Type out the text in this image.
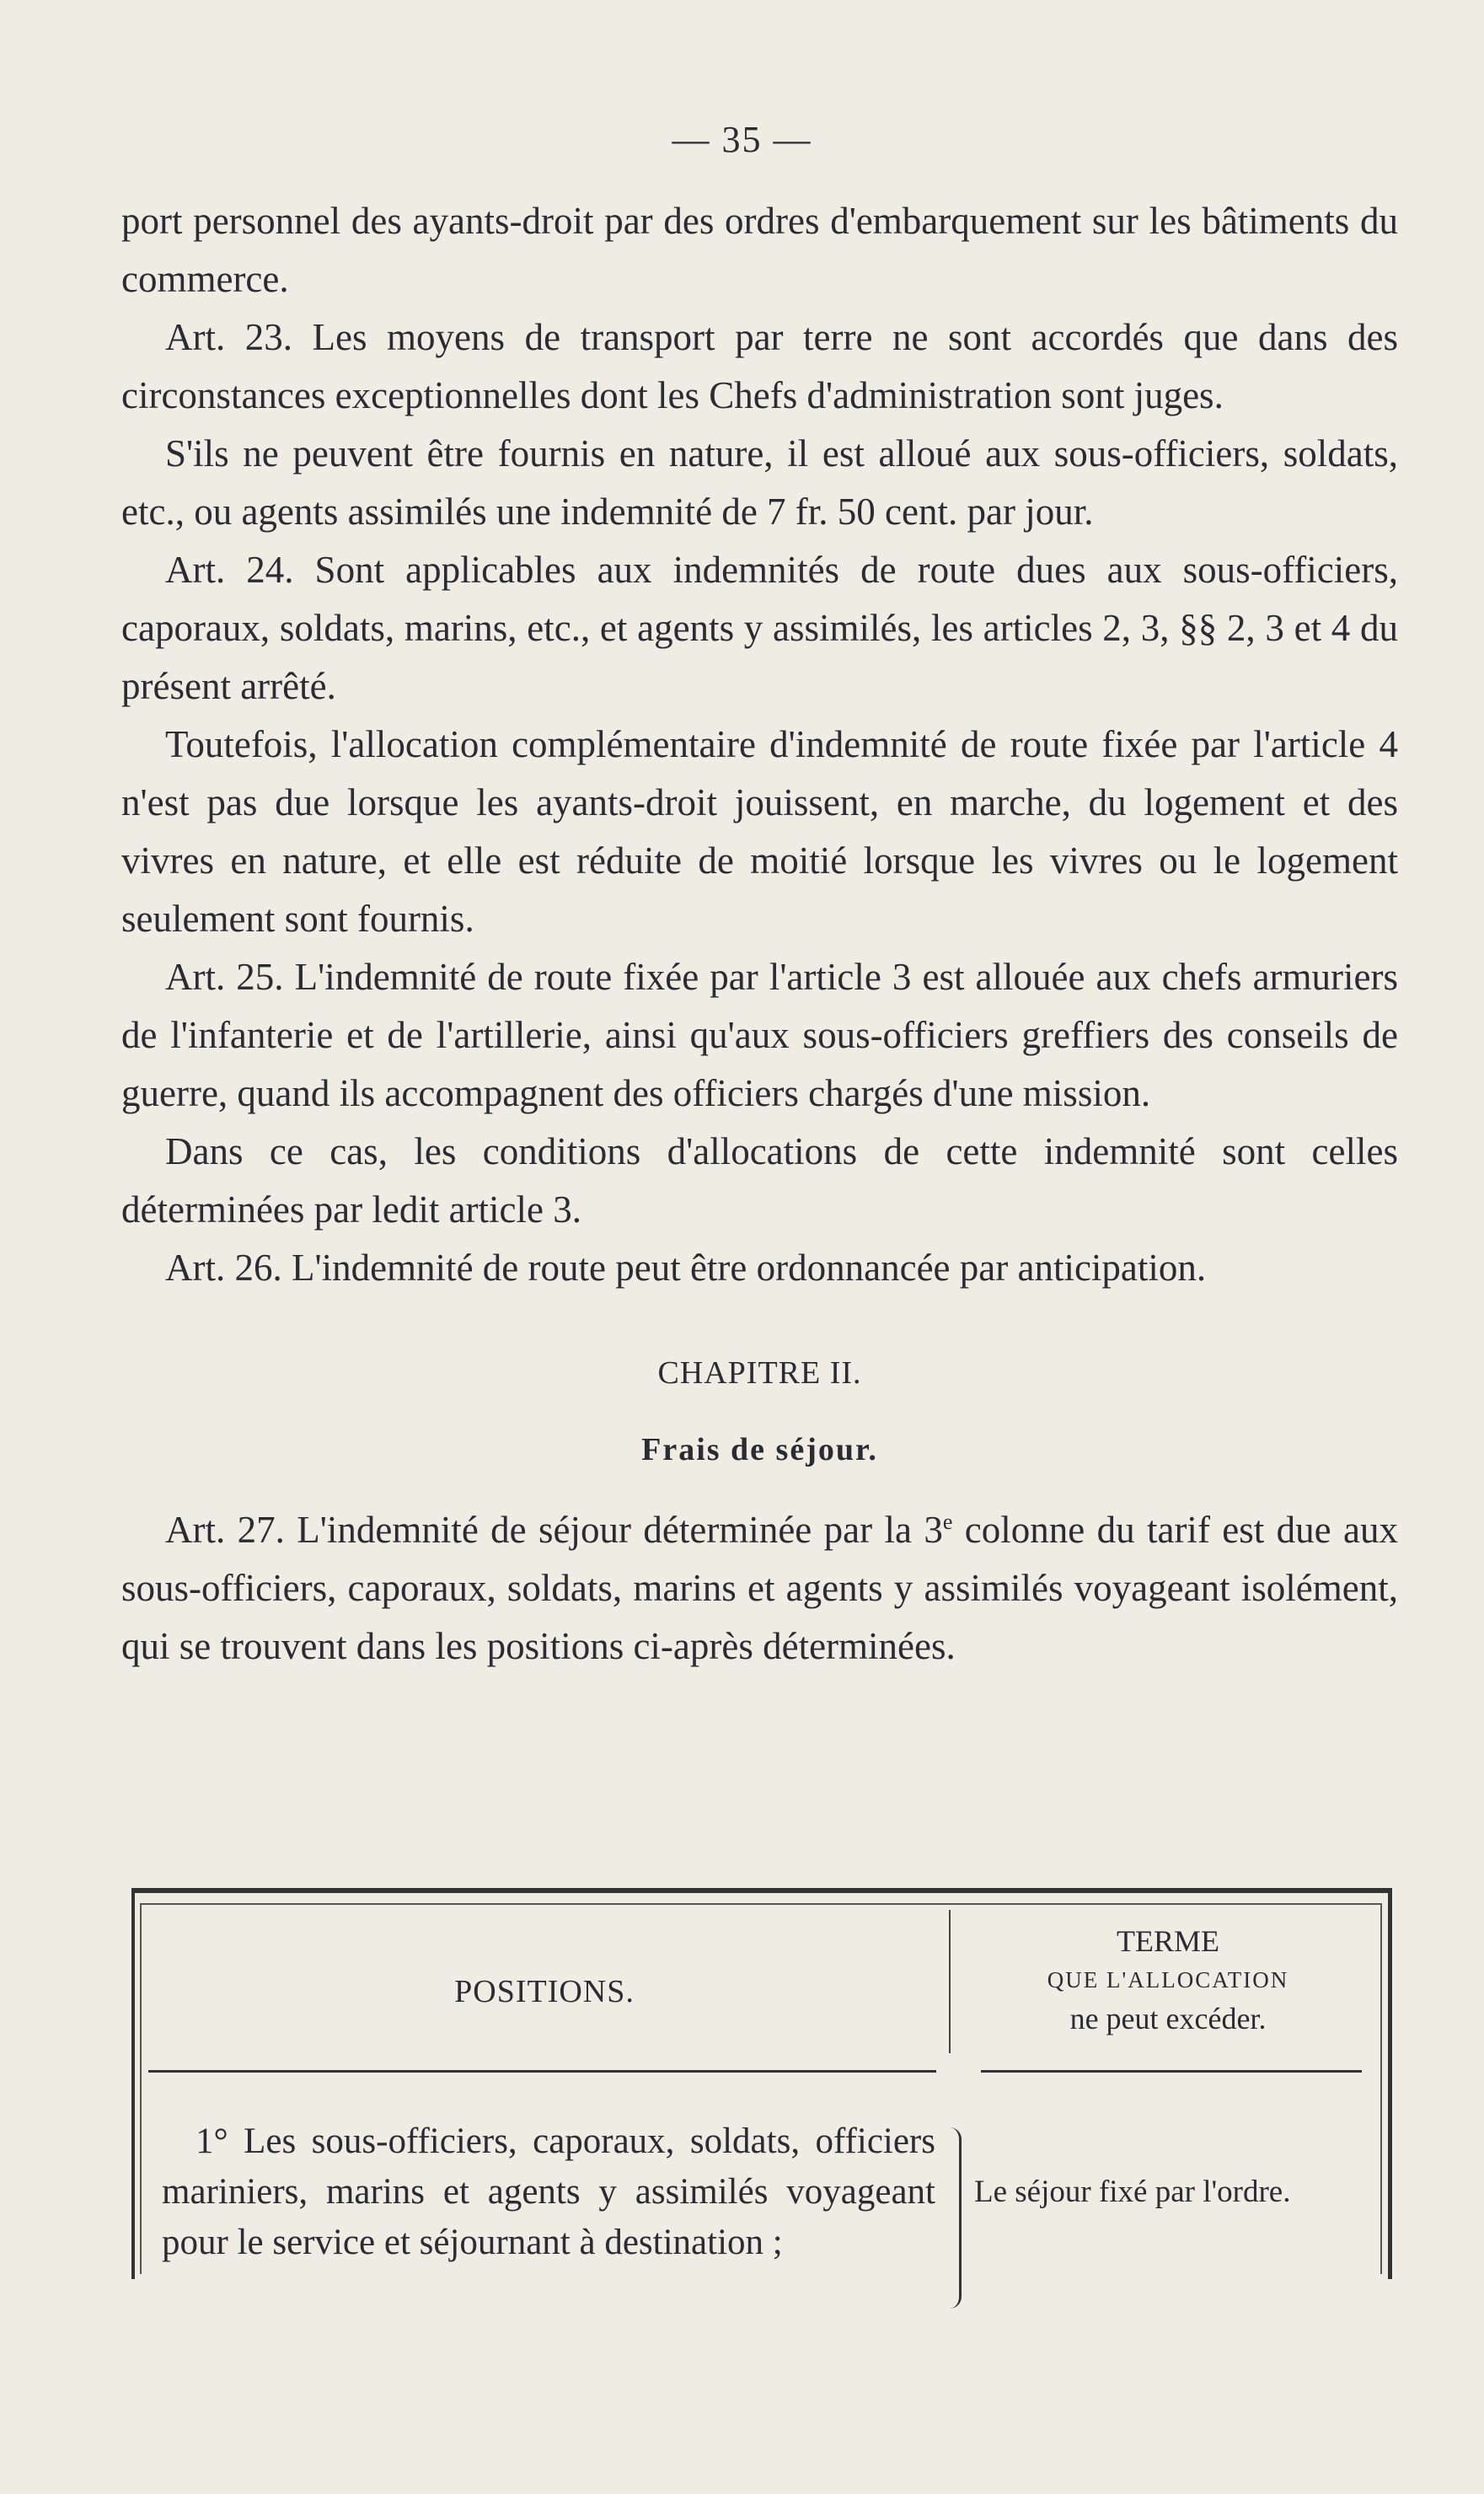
— 35 —

port personnel des ayants-droit par des ordres d'embarquement sur les bâtiments du commerce.

Art. 23. Les moyens de transport par terre ne sont accordés que dans des circonstances exceptionnelles dont les Chefs d'administration sont juges.

S'ils ne peuvent être fournis en nature, il est alloué aux sous-officiers, soldats, etc., ou agents assimilés une indemnité de 7 fr. 50 cent. par jour.

Art. 24. Sont applicables aux indemnités de route dues aux sous-officiers, caporaux, soldats, marins, etc., et agents y assimilés, les articles 2, 3, §§ 2, 3 et 4 du présent arrêté.

Toutefois, l'allocation complémentaire d'indemnité de route fixée par l'article 4 n'est pas due lorsque les ayants-droit jouissent, en marche, du logement et des vivres en nature, et elle est réduite de moitié lorsque les vivres ou le logement seulement sont fournis.

Art. 25. L'indemnité de route fixée par l'article 3 est allouée aux chefs armuriers de l'infanterie et de l'artillerie, ainsi qu'aux sous-officiers greffiers des conseils de guerre, quand ils accompagnent des officiers chargés d'une mission.

Dans ce cas, les conditions d'allocations de cette indemnité sont celles déterminées par ledit article 3.

Art. 26. L'indemnité de route peut être ordonnancée par anticipation.

CHAPITRE II.
Frais de séjour.

Art. 27. L'indemnité de séjour déterminée par la 3e colonne du tarif est due aux sous-officiers, caporaux, soldats, marins et agents y assimilés voyageant isolément, qui se trouvent dans les positions ci-après déterminées.

POSITIONS.
TERME
QUE L'ALLOCATION
ne peut excéder.
1° Les sous-officiers, caporaux, soldats, officiers mariniers, marins et agents y assimilés voyageant pour le service et séjournant à destination ;
Le séjour fixé par l'ordre.
